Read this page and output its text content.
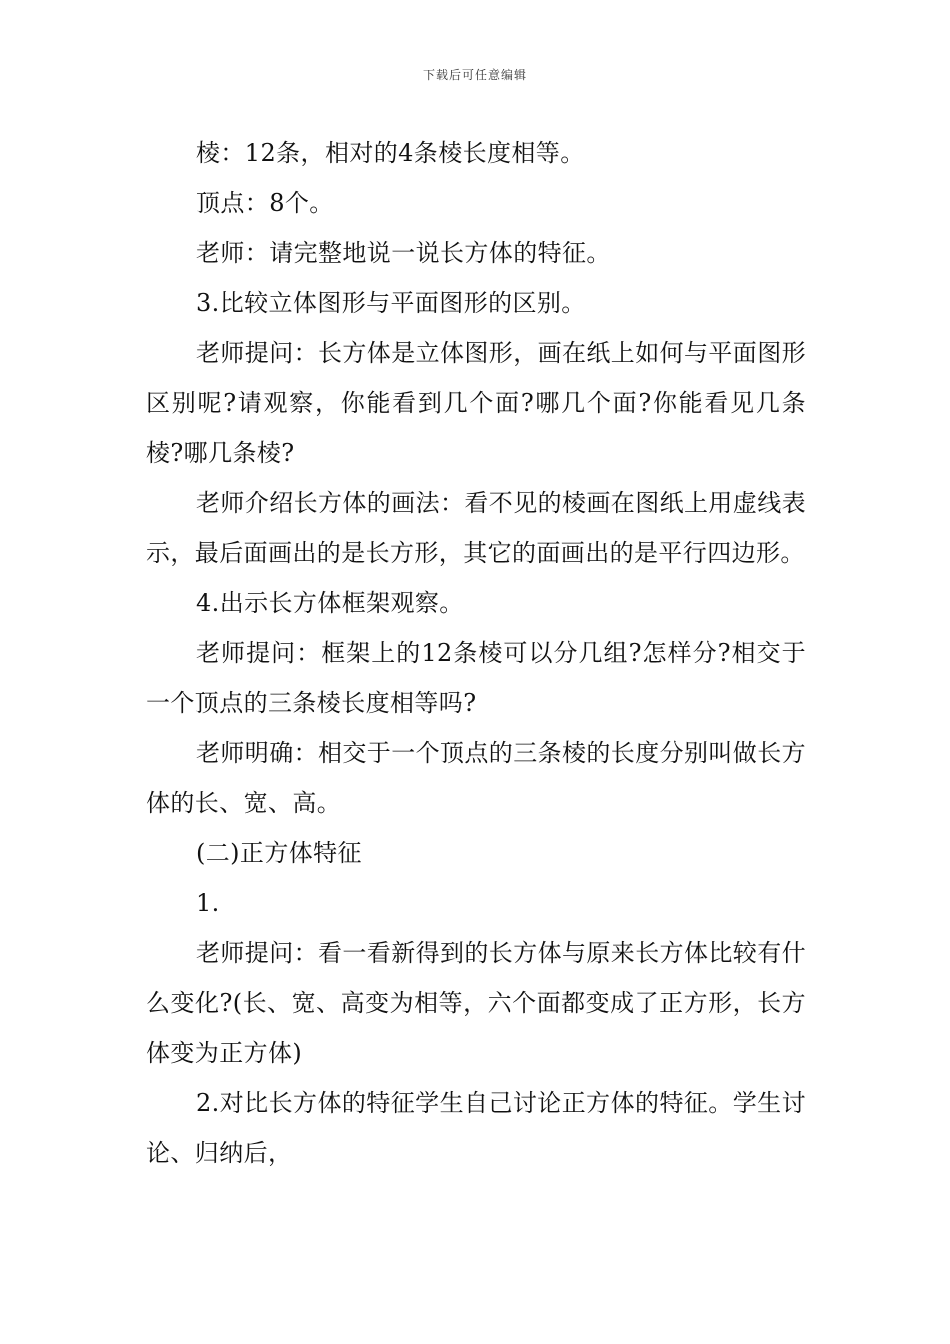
下载后可任意编辑

棱：12条，相对的4条棱长度相等。

顶点：8个。

老师：请完整地说一说长方体的特征。

3.比较立体图形与平面图形的区别。

老师提问：长方体是立体图形，画在纸上如何与平面图形区别呢?请观察，你能看到几个面?哪几个面?你能看见几条棱?哪几条棱?

老师介绍长方体的画法：看不见的棱画在图纸上用虚线表示，最后面画出的是长方形，其它的面画出的是平行四边形。

4.出示长方体框架观察。

老师提问：框架上的12条棱可以分几组?怎样分?相交于一个顶点的三条棱长度相等吗?

老师明确：相交于一个顶点的三条棱的长度分别叫做长方体的长、宽、高。

(二)正方体特征

1.

老师提问：看一看新得到的长方体与原来长方体比较有什么变化?(长、宽、高变为相等，六个面都变成了正方形，长方体变为正方体)

2.对比长方体的特征学生自己讨论正方体的特征。学生讨论、归纳后，
